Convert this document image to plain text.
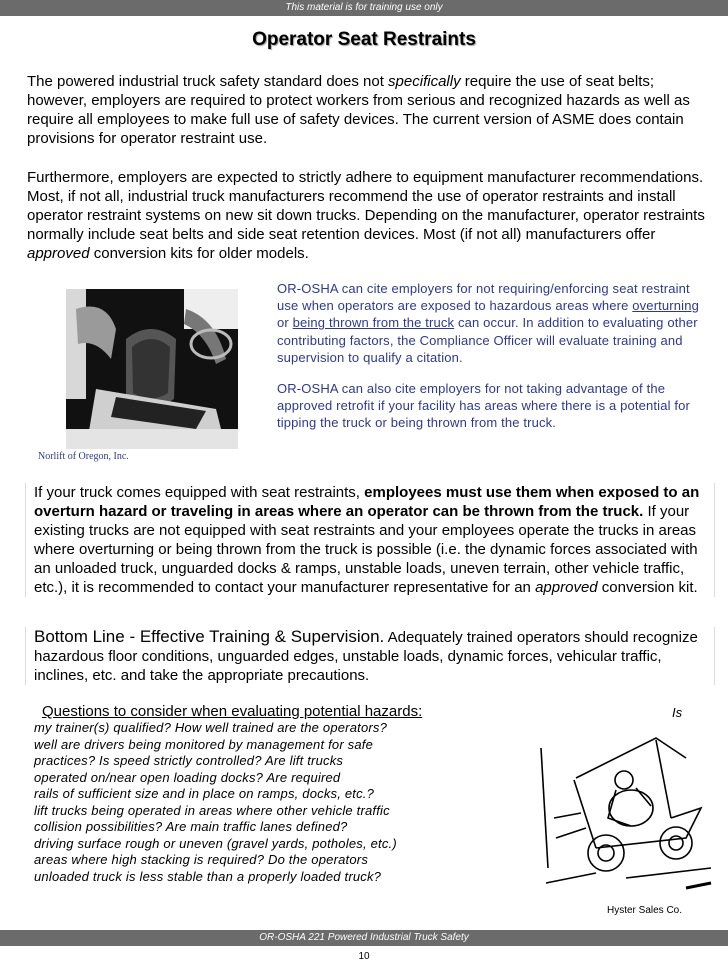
This material is for training use only
Operator Seat Restraints

The powered industrial truck safety standard does not specifically require the use of seat belts; however, employers are required to protect workers from serious and recognized hazards as well as require all employees to make full use of safety devices. The current version of ASME does contain provisions for operator restraint use.

Furthermore, employers are expected to strictly adhere to equipment manufacturer recommendations. Most, if not all, industrial truck manufacturers recommend the use of operator restraints and install operator restraint systems on new sit down trucks. Depending on the manufacturer, operator restraints normally include seat belts and side seat retention devices. Most (if not all) manufacturers offer approved conversion kits for older models.

Norlift of Oregon, Inc.

OR-OSHA can cite employers for not requiring/enforcing seat restraint use when operators are exposed to hazardous areas where overturning or being thrown from the truck can occur. In addition to evaluating other contributing factors, the Compliance Officer will evaluate training and supervision to qualify a citation.

OR-OSHA can also cite employers for not taking advantage of the approved retrofit if your facility has areas where there is a potential for tipping the truck or being thrown from the truck.

If your truck comes equipped with seat restraints, employees must use them when exposed to an overturn hazard or traveling in areas where an operator can be thrown from the truck. If your existing trucks are not equipped with seat restraints and your employees operate the trucks in areas where overturning or being thrown from the truck is possible (i.e. the dynamic forces associated with an unloaded truck, unguarded docks & ramps, unstable loads, uneven terrain, other vehicle traffic, etc.), it is recommended to contact your manufacturer representative for an approved conversion kit.

Bottom Line - Effective Training & Supervision. Adequately trained operators should recognize hazardous floor conditions, unguarded edges, unstable loads, dynamic forces, vehicular traffic, inclines, etc. and take the appropriate precautions.

Questions to consider when evaluating potential hazards:	Is
my trainer(s) qualified? How well trained are the operators?
well are drivers being monitored by management for safe
practices? Is speed strictly controlled? Are lift trucks
operated on/near open loading docks? Are required
rails of sufficient size and in place on ramps, docks, etc.?
lift trucks being operated in areas where other vehicle traffic
collision possibilities? Are main traffic lanes defined?
driving surface rough or uneven (gravel yards, potholes, etc.)
areas where high stacking is required? Do the operators
unloaded truck is less stable than a properly loaded truck?
Hyster Sales Co.
OR-OSHA 221 Powered Industrial Truck Safety
10
